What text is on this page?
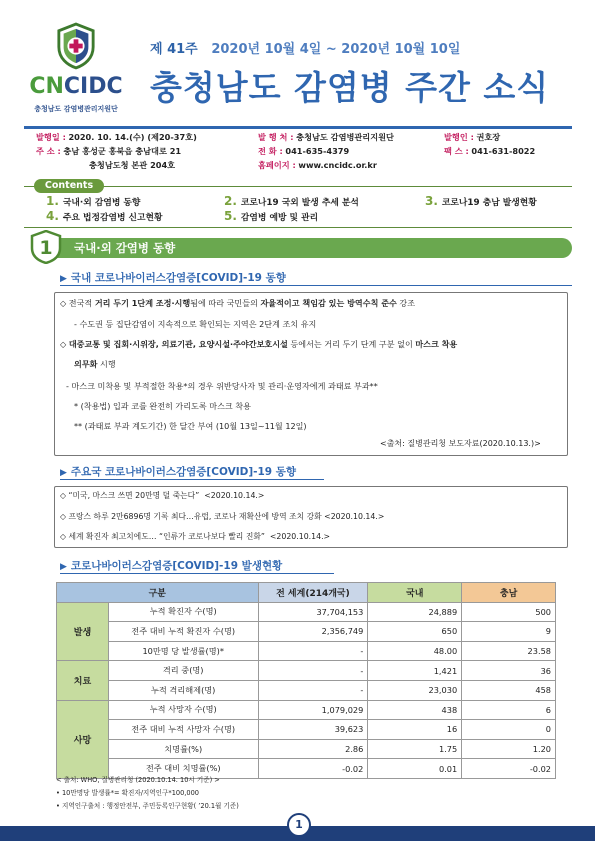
CNCIDC
충청남도 감염병관리지원단
제 41주 2020년 10월 4일 ~ 2020년 10월 10일
충청남도 감염병 주간 소식
발행일 : 2020. 10. 14.(수) (제20-37호)
주 소 : 충남 홍성군 홍북읍 충남대로 21
충청남도청 본관 204호
발 행 처 : 충청남도 감염병관리지원단
전 화 : 041-635-4379
홈페이지 : www.cncidc.or.kr
발행인 : 권호장
팩 스 : 041-631-8022
Contents
1. 국내·외 감염병 동향	2. 코로나19 국외 발생 추세 분석	3. 코로나19 충남 발생현황
4. 주요 법정감염병 신고현황	5. 감염병 예방 및 관리
1 국내·외 감염병 동향
▶ 국내 코로나바이러스감염증[COVID]-19 동향
◇ 전국적 거리 두기 1단계 조정·시행됨에 따라 국민들의 자율적이고 책임감 있는 방역수칙 준수 강조
- 수도권 등 집단감염이 지속적으로 확인되는 지역은 2단계 조치 유지
◇ 대중교통 및 집회·시위장, 의료기관, 요양시설·주야간보호시설 등에서는 거리 두기 단계 구분 없이 마스크 착용
의무화 시행
- 마스크 미착용 및 부적절한 착용*의 경우 위반당사자 및 관리·운영자에게 과태료 부과**
* (착용법) 입과 코를 완전히 가리도록 마스크 착용
** (과태료 부과 계도기간) 한 달간 부여 (10월 13일~11월 12일)
<출처: 질병관리청 보도자료(2020.10.13.)>
▶ 주요국 코로나바이러스감염증[COVID]-19 동향
◇ “미국, 마스크 쓰면 20만명 덜 죽는다” <2020.10.14.>
◇ 프랑스 하루 2만6896명 기록 최다…유럽, 코로나 재확산에 방역 조치 강화 <2020.10.14.>
◇ 세계 확진자 최고치에도… “인류가 코로나보다 빨리 진화” <2020.10.14.>
▶ 코로나바이러스감염증[COVID]-19 발생현황
구분		전 세계(214개국)	국내	충남
발생	누적 확진자 수(명)	37,704,153	24,889	500
	전주 대비 누적 확진자 수(명)	2,356,749	650	9
	10만명 당 발생률(명)*	-	48.00	23.58
치료	격리 중(명)	-	1,421	36
	누적 격리해제(명)	-	23,030	458
사망	누적 사망자 수(명)	1,079,029	438	6
	전주 대비 누적 사망자 수(명)	39,623	16	0
	치명률(%)	2.86	1.75	1.20
	전주 대비 치명률(%)	-0.02	0.01	-0.02
< 출처: WHO, 질병관리청 (2020.10.14. 10시 기준) >
• 10만명당 발생률*= 확진자/지역인구*100,000
• 지역인구출처 : 행정안전부, 주민등록인구현황( ’20.1월 기준)
1
